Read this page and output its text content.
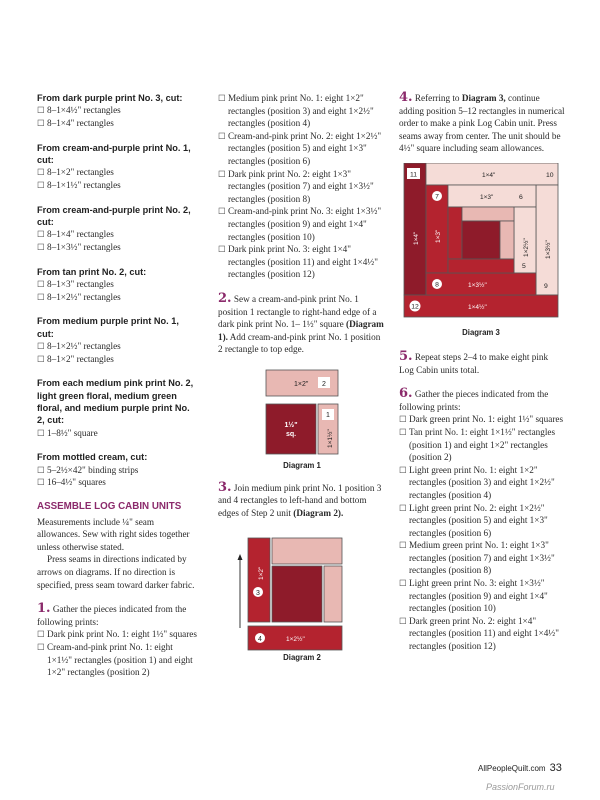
From dark purple print No. 3, cut:
☐ 8–1×4½" rectangles
☐ 8–1×4" rectangles
From cream-and-purple print No. 1, cut:
☐ 8–1×2" rectangles
☐ 8–1×1½" rectangles
From cream-and-purple print No. 2, cut:
☐ 8–1×4" rectangles
☐ 8–1×3½" rectangles
From tan print No. 2, cut:
☐ 8–1×3" rectangles
☐ 8–1×2½" rectangles
From medium purple print No. 1, cut:
☐ 8–1×2½" rectangles
☐ 8–1×2" rectangles
From each medium pink print No. 2, light green floral, medium green floral, and medium purple print No. 2, cut:
☐ 1–8½" square
From mottled cream, cut:
☐ 5–2½×42" binding strips
☐ 16–4½" squares
ASSEMBLE LOG CABIN UNITS

Measurements include ¼" seam allowances. Sew with right sides together unless otherwise stated.

Press seams in directions indicated by arrows on diagrams. If no direction is specified, press seam toward darker fabric.

1. Gather the pieces indicated from the following prints:

☐ Dark pink print No. 1: eight 1½" squares
☐ Cream-and-pink print No. 1: eight 1×1½" rectangles (position 1) and eight 1×2" rectangles (position 2)
☐ Medium pink print No. 1: eight 1×2" rectangles (position 3) and eight 1×2½" rectangles (position 4)
☐ Cream-and-pink print No. 2: eight 1×2½" rectangles (position 5) and eight 1×3" rectangles (position 6)
☐ Dark pink print No. 2: eight 1×3" rectangles (position 7) and eight 1×3½" rectangles (position 8)
☐ Cream-and-pink print No. 3: eight 1×3½" rectangles (position 9) and eight 1×4" rectangles (position 10)
☐ Dark pink print No. 3: eight 1×4" rectangles (position 11) and eight 1×4½" rectangles (position 12)

2. Sew a cream-and-pink print No. 1 position 1 rectangle to right-hand edge of a dark pink print No. 1– 1½" square (Diagram 1). Add cream-and-pink print No. 1 position 2 rectangle to top edge.

1×2" 2
1½"
sq.
1
1×1½"
Diagram 1

3. Join medium pink print No. 1 position 3 and 4 rectangles to left-hand and bottom edges of Step 2 unit (Diagram 2).

1×2"
3
4	1×2½"
Diagram 2

4. Referring to Diagram 3, continue adding position 5–12 rectangles in numerical order to make a pink Log Cabin unit. Press seams away from center. The unit should be 4½" square including seam allowances.

11	1×4"	10
7	1×3"	6
1×4" 1×3"
1×2½" 1×3½"
5
8	1×3½"	9
12	1×4½"
Diagram 3

5. Repeat steps 2–4 to make eight pink Log Cabin units total.

6. Gather the pieces indicated from the following prints:

☐ Dark green print No. 1: eight 1½" squares
☐ Tan print No. 1: eight 1×1½" rectangles (position 1) and eight 1×2" rectangles (position 2)
☐ Light green print No. 1: eight 1×2" rectangles (position 3) and eight 1×2½" rectangles (position 4)
☐ Light green print No. 2: eight 1×2½" rectangles (position 5) and eight 1×3" rectangles (position 6)
☐ Medium green print No. 1: eight 1×3" rectangles (position 7) and eight 1×3½" rectangles (position 8)
☐ Light green print No. 3: eight 1×3½" rectangles (position 9) and eight 1×4" rectangles (position 10)
☐ Dark green print No. 2: eight 1×4" rectangles (position 11) and eight 1×4½" rectangles (position 12)
AllPeopleQuilt.com 33
PassionForum.ru
